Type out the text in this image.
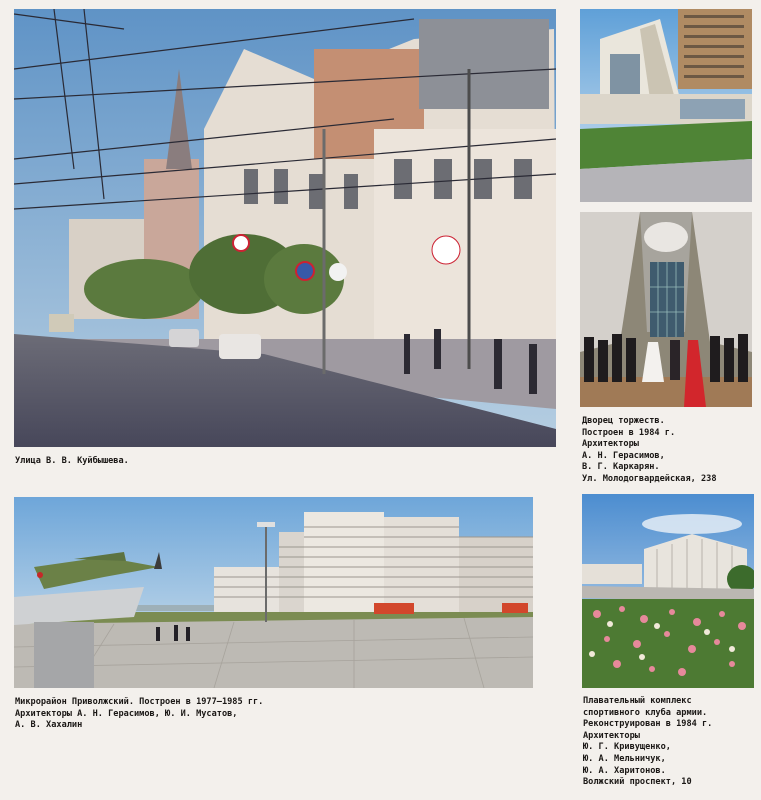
Улица В. В. Куйбышева.
Дворец торжеств.
Построен в 1984 г.
Архитекторы
А. Н. Герасимов,
В. Г. Каркарян.
Ул. Молодогвардейская, 238
Микрорайон Приволжский. Построен в 1977—1985 гг.
Архитекторы А. Н. Герасимов, Ю. И. Мусатов,
А. В. Хахалин
Плавательный комплекс
спортивного клуба армии.
Реконструирован в 1984 г.
Архитекторы
Ю. Г. Кривущенко,
Ю. А. Мельничук,
Ю. А. Харитонов.
Волжский проспект, 10
